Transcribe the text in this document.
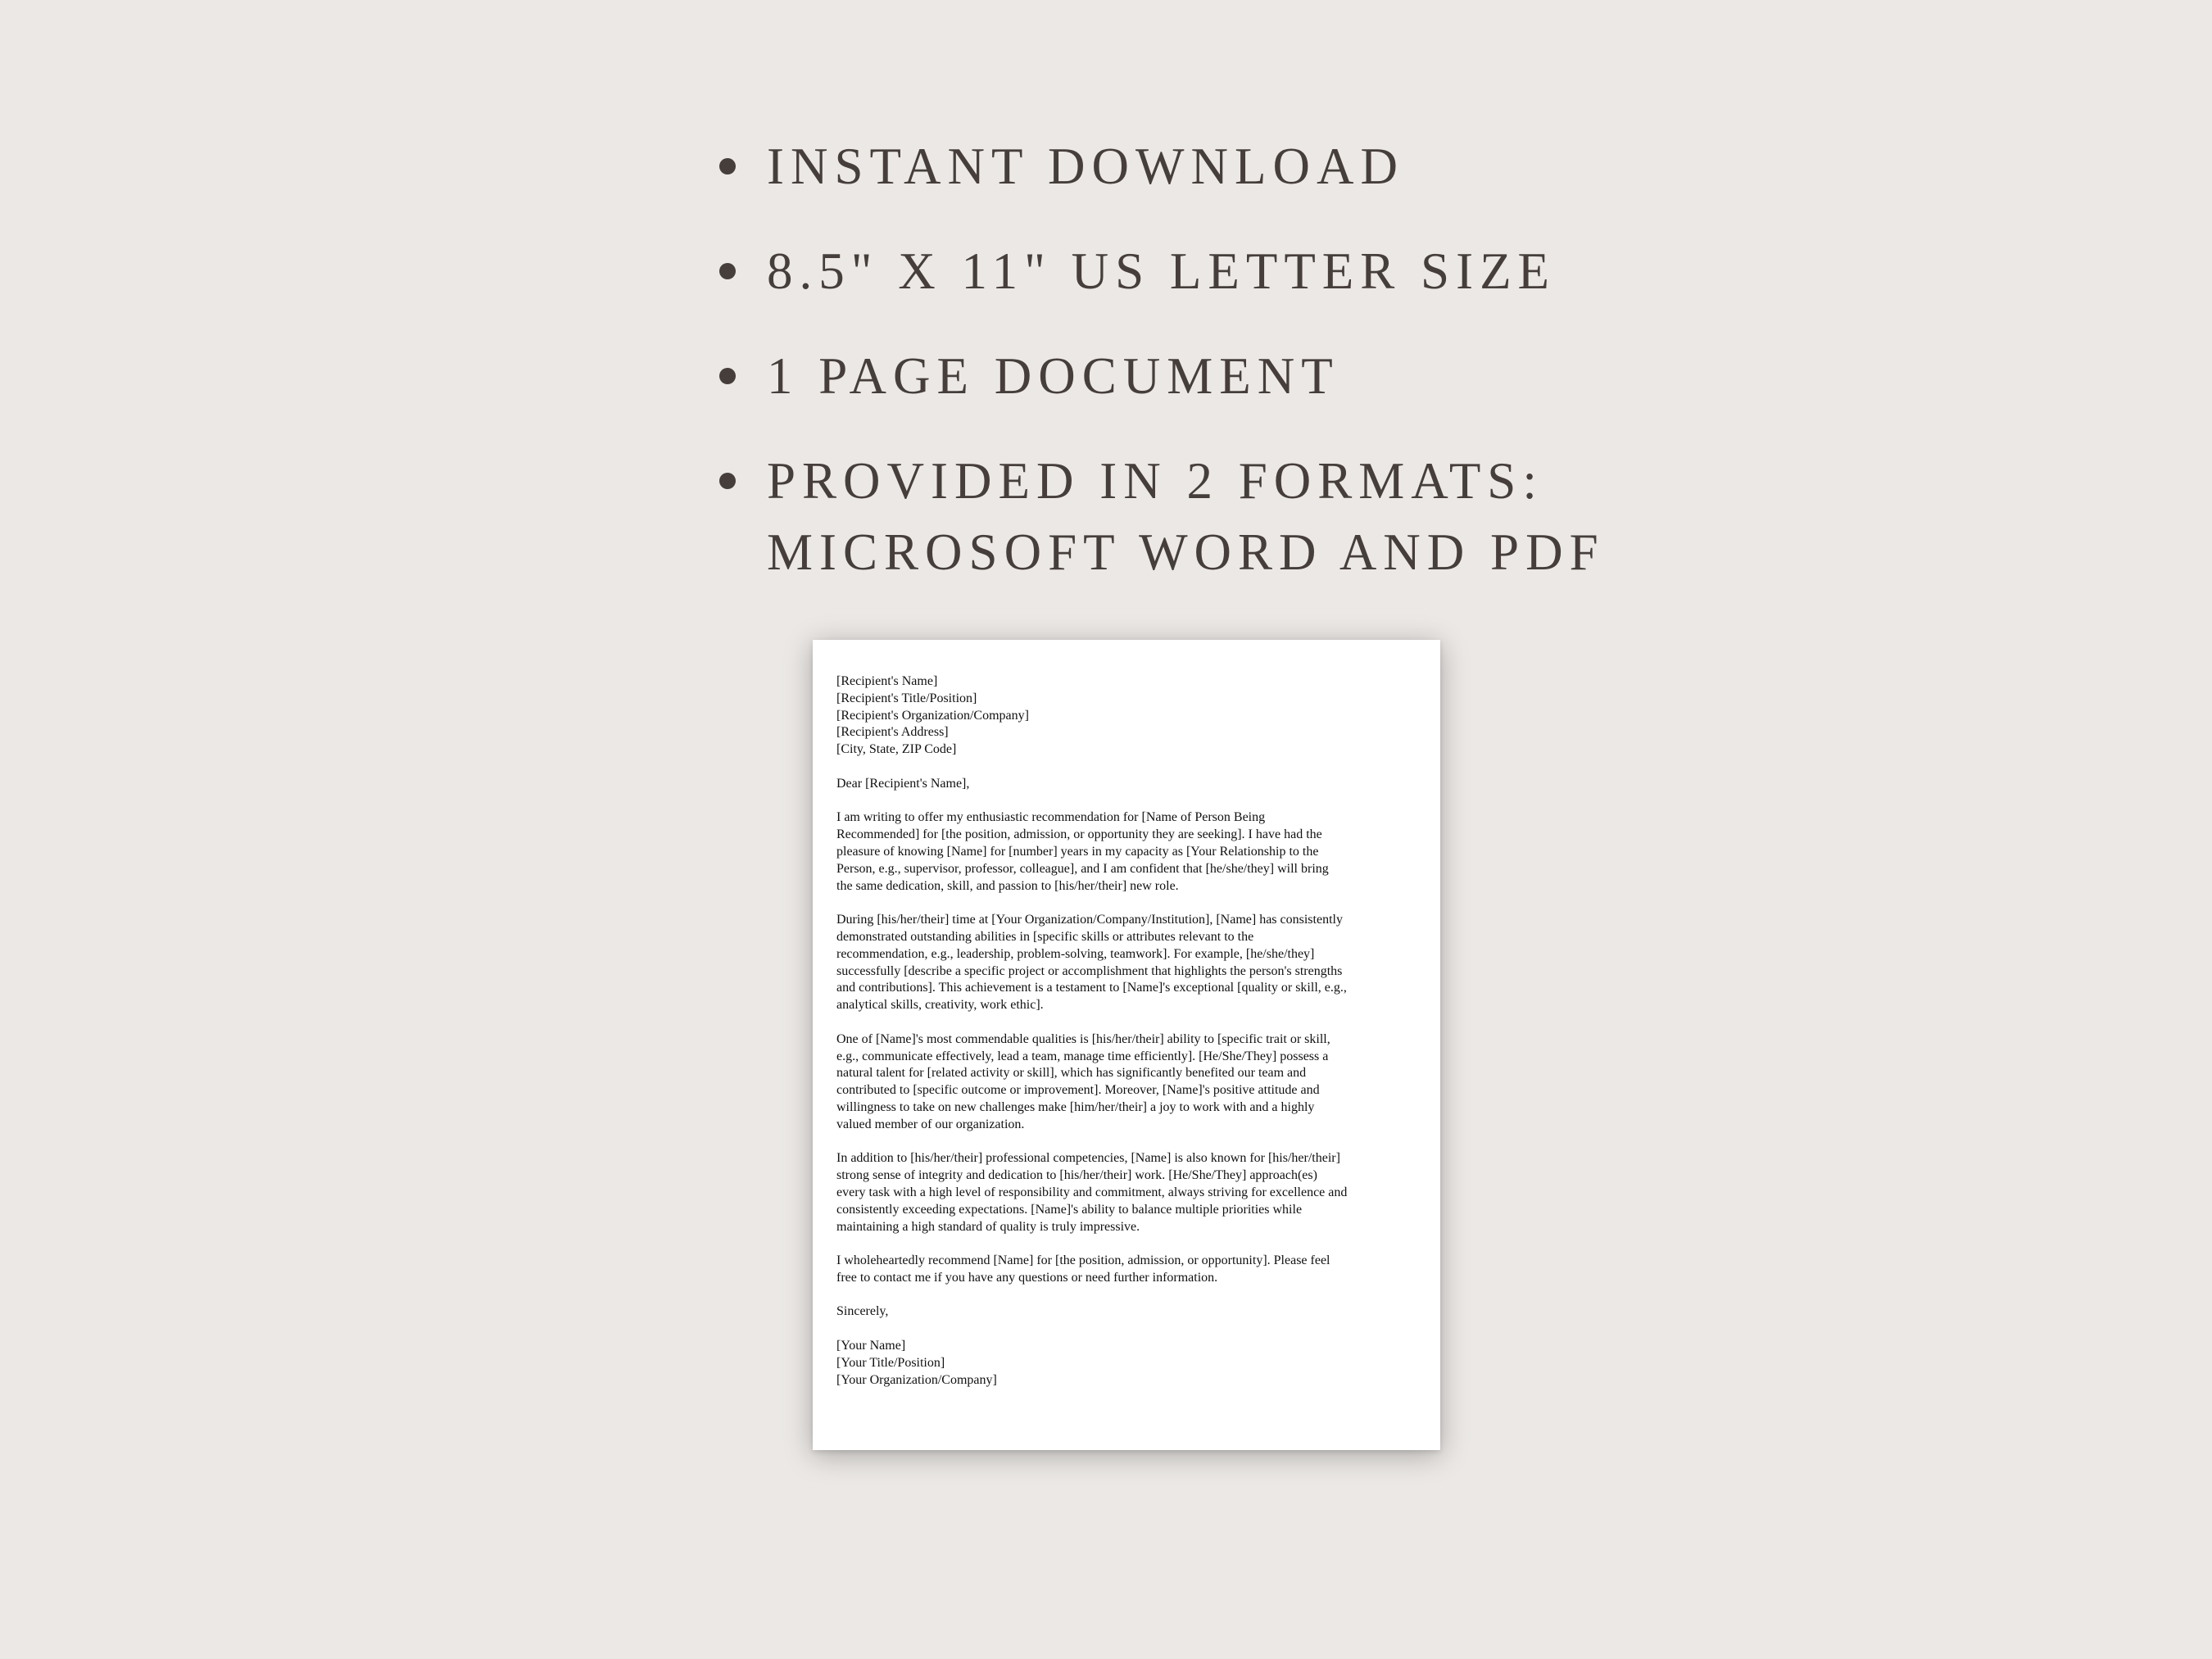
INSTANT DOWNLOAD
8.5" X 11" US LETTER SIZE
1 PAGE DOCUMENT
PROVIDED IN 2 FORMATS:
MICROSOFT WORD AND PDF
[Recipient's Name]
[Recipient's Title/Position]
[Recipient's Organization/Company]
[Recipient's Address]
[City, State, ZIP Code]
Dear [Recipient's Name],
I am writing to offer my enthusiastic recommendation for [Name of Person Being
Recommended] for [the position, admission, or opportunity they are seeking]. I have had the
pleasure of knowing [Name] for [number] years in my capacity as [Your Relationship to the
Person, e.g., supervisor, professor, colleague], and I am confident that [he/she/they] will bring
the same dedication, skill, and passion to [his/her/their] new role.
During [his/her/their] time at [Your Organization/Company/Institution], [Name] has consistently
demonstrated outstanding abilities in [specific skills or attributes relevant to the
recommendation, e.g., leadership, problem-solving, teamwork]. For example, [he/she/they]
successfully [describe a specific project or accomplishment that highlights the person's strengths
and contributions]. This achievement is a testament to [Name]'s exceptional [quality or skill, e.g.,
analytical skills, creativity, work ethic].
One of [Name]'s most commendable qualities is [his/her/their] ability to [specific trait or skill,
e.g., communicate effectively, lead a team, manage time efficiently]. [He/She/They] possess a
natural talent for [related activity or skill], which has significantly benefited our team and
contributed to [specific outcome or improvement]. Moreover, [Name]'s positive attitude and
willingness to take on new challenges make [him/her/their] a joy to work with and a highly
valued member of our organization.
In addition to [his/her/their] professional competencies, [Name] is also known for [his/her/their]
strong sense of integrity and dedication to [his/her/their] work. [He/She/They] approach(es)
every task with a high level of responsibility and commitment, always striving for excellence and
consistently exceeding expectations. [Name]'s ability to balance multiple priorities while
maintaining a high standard of quality is truly impressive.
I wholeheartedly recommend [Name] for [the position, admission, or opportunity]. Please feel
free to contact me if you have any questions or need further information.
Sincerely,
[Your Name]
[Your Title/Position]
[Your Organization/Company]
